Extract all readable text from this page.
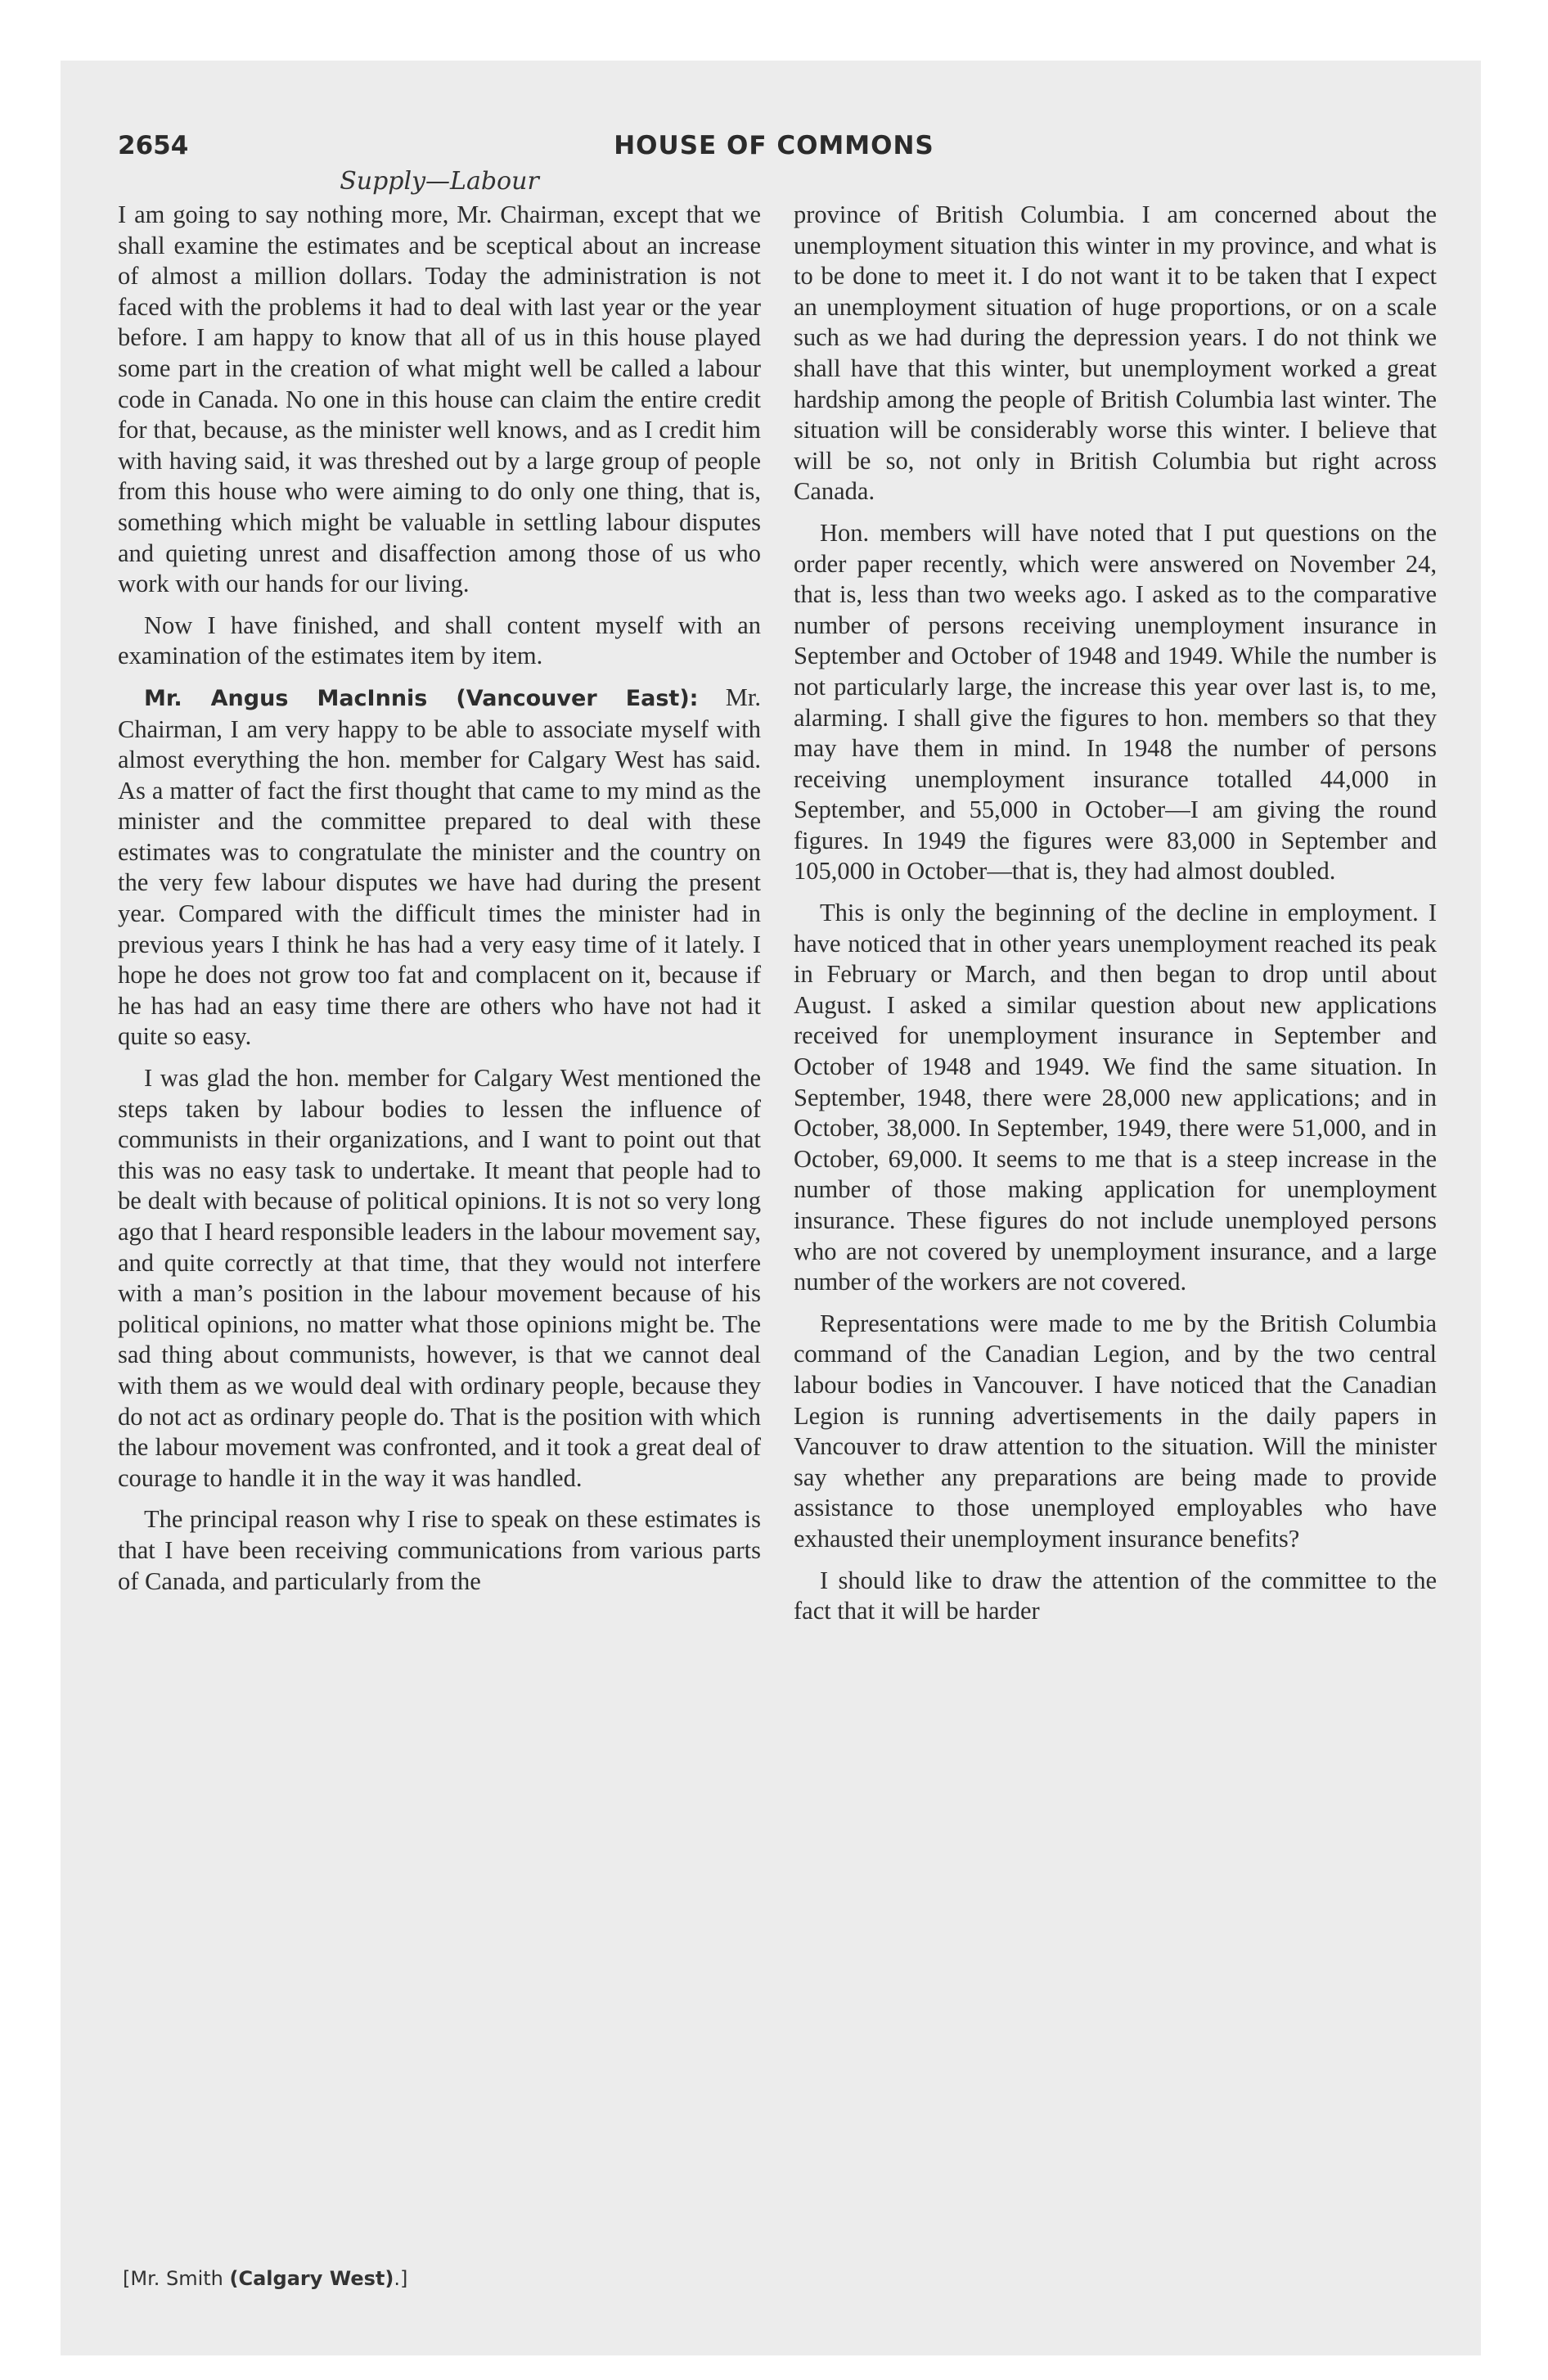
2654	HOUSE OF COMMONS
Supply—Labour

I am going to say nothing more, Mr. Chairman, except that we shall examine the estimates and be sceptical about an increase of almost a million dollars. Today the administration is not faced with the problems it had to deal with last year or the year before. I am happy to know that all of us in this house played some part in the creation of what might well be called a labour code in Canada. No one in this house can claim the entire credit for that, because, as the minister well knows, and as I credit him with having said, it was threshed out by a large group of people from this house who were aiming to do only one thing, that is, something which might be valuable in settling labour disputes and quieting unrest and disaffection among those of us who work with our hands for our living.

Now I have finished, and shall content myself with an examination of the estimates item by item.

Mr. Angus MacInnis (Vancouver East): Mr. Chairman, I am very happy to be able to associate myself with almost everything the hon. member for Calgary West has said. As a matter of fact the first thought that came to my mind as the minister and the committee prepared to deal with these estimates was to congratulate the minister and the country on the very few labour disputes we have had during the present year. Compared with the difficult times the minister had in previous years I think he has had a very easy time of it lately. I hope he does not grow too fat and complacent on it, because if he has had an easy time there are others who have not had it quite so easy.

I was glad the hon. member for Calgary West mentioned the steps taken by labour bodies to lessen the influence of communists in their organizations, and I want to point out that this was no easy task to undertake. It meant that people had to be dealt with because of political opinions. It is not so very long ago that I heard responsible leaders in the labour movement say, and quite correctly at that time, that they would not interfere with a man’s position in the labour movement because of his political opinions, no matter what those opinions might be. The sad thing about communists, however, is that we cannot deal with them as we would deal with ordinary people, because they do not act as ordinary people do. That is the position with which the labour movement was confronted, and it took a great deal of courage to handle it in the way it was handled.

The principal reason why I rise to speak on these estimates is that I have been receiving communications from various parts of Canada, and particularly from the

province of British Columbia. I am concerned about the unemployment situation this winter in my province, and what is to be done to meet it. I do not want it to be taken that I expect an unemployment situation of huge proportions, or on a scale such as we had during the depression years. I do not think we shall have that this winter, but unemployment worked a great hardship among the people of British Columbia last winter. The situation will be considerably worse this winter. I believe that will be so, not only in British Columbia but right across Canada.

Hon. members will have noted that I put questions on the order paper recently, which were answered on November 24, that is, less than two weeks ago. I asked as to the comparative number of persons receiving unemployment insurance in September and October of 1948 and 1949. While the number is not particularly large, the increase this year over last is, to me, alarming. I shall give the figures to hon. members so that they may have them in mind. In 1948 the number of persons receiving unemployment insurance totalled 44,000 in September, and 55,000 in October—I am giving the round figures. In 1949 the figures were 83,000 in September and 105,000 in October—that is, they had almost doubled.

This is only the beginning of the decline in employment. I have noticed that in other years unemployment reached its peak in February or March, and then began to drop until about August. I asked a similar question about new applications received for unemployment insurance in September and October of 1948 and 1949. We find the same situation. In September, 1948, there were 28,000 new applications; and in October, 38,000. In September, 1949, there were 51,000, and in October, 69,000. It seems to me that is a steep increase in the number of those making application for unemployment insurance. These figures do not include unemployed persons who are not covered by unemployment insurance, and a large number of the workers are not covered.

Representations were made to me by the British Columbia command of the Canadian Legion, and by the two central labour bodies in Vancouver. I have noticed that the Canadian Legion is running advertisements in the daily papers in Vancouver to draw attention to the situation. Will the minister say whether any preparations are being made to provide assistance to those unemployed employables who have exhausted their unemployment insurance benefits?

I should like to draw the attention of the committee to the fact that it will be harder

[Mr. Smith (Calgary West).]
